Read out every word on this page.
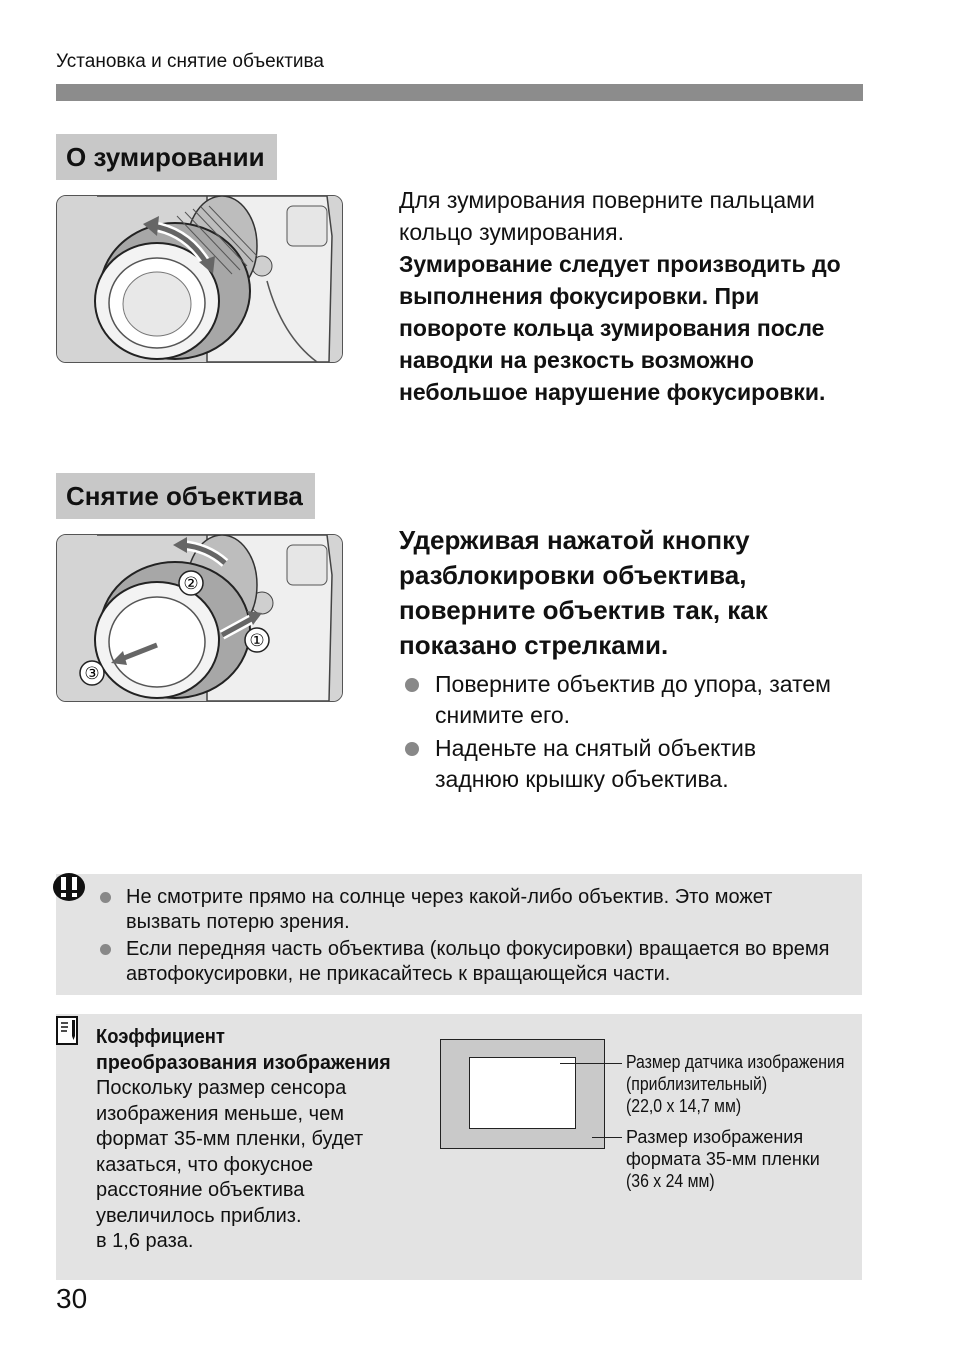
Установка и снятие объектива
О зумировании
Для зумирования поверните пальцами кольцо зумирования.
Зумирование следует производить до выполнения фокусировки. При повороте кольца зумирования после наводки на резкость возможно небольшое нарушение фокусировки.
Снятие объектива
①
②
③
Удерживая нажатой кнопку разблокировки объектива, поверните объектив так, как показано стрелками.
Поверните объектив до упора, затем снимите его.
Наденьте на снятый объектив заднюю крышку объектива.
Не смотрите прямо на солнце через какой-либо объектив. Это может вызвать потерю зрения.
Если передняя часть объектива (кольцо фокусировки) вращается во время автофокусировки, не прикасайтесь к вращающейся части.
Коэффициент
преобразования изображения
Поскольку размер сенсора
изображения меньше, чем
формат 35-мм пленки, будет
казаться, что фокусное
расстояние объектива
увеличилось приблиз.
в 1,6 раза.
Размер датчика изображения
(приблизительный)
(22,0 x 14,7 мм)
Размер изображения
формата 35-мм пленки
(36 x 24 мм)
30
